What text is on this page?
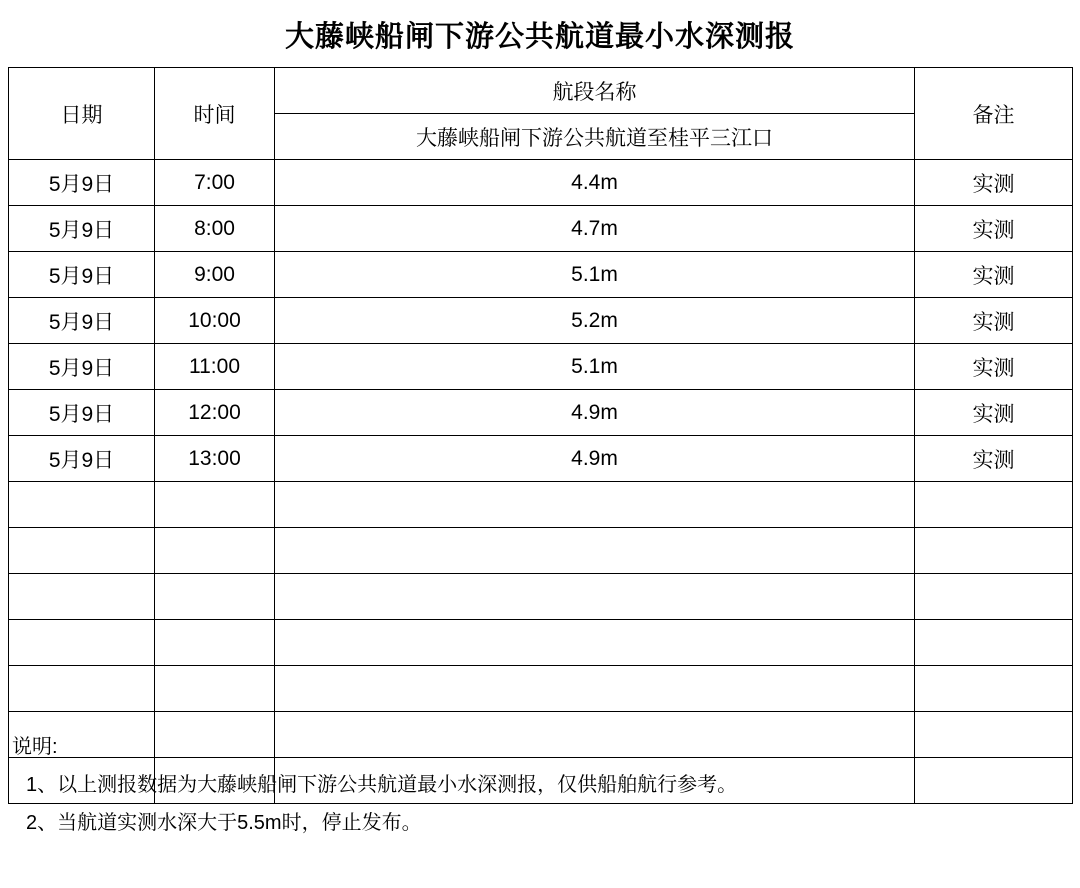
大藤峡船闸下游公共航道最小水深测报
日期	时间	航段名称	备注
		大藤峡船闸下游公共航道至桂平三江口	
5月9日	7:00	4.4m	实测
5月9日	8:00	4.7m	实测
5月9日	9:00	5.1m	实测
5月9日	10:00	5.2m	实测
5月9日	11:00	5.1m	实测
5月9日	12:00	4.9m	实测
5月9日	13:00	4.9m	实测

说明:
1、以上测报数据为大藤峡船闸下游公共航道最小水深测报，仅供船舶航行参考。
2、当航道实测水深大于5.5m时，停止发布。
